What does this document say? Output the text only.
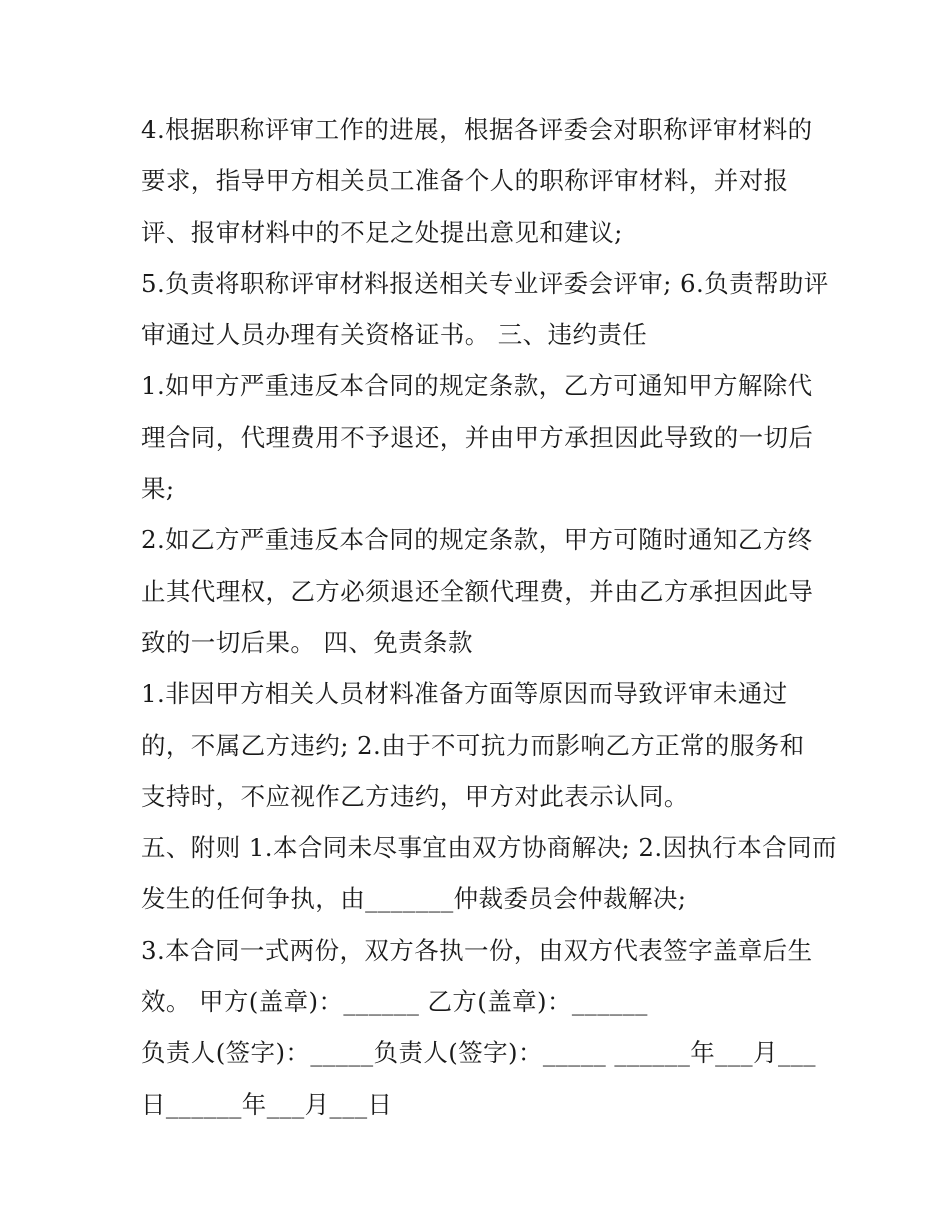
4.根据职称评审工作的进展，根据各评委会对职称评审材料的
要求，指导甲方相关员工准备个人的职称评审材料，并对报
评、报审材料中的不足之处提出意见和建议;
5.负责将职称评审材料报送相关专业评委会评审; 6.负责帮助评
审通过人员办理有关资格证书。 三、违约责任
1.如甲方严重违反本合同的规定条款，乙方可通知甲方解除代
理合同，代理费用不予退还，并由甲方承担因此导致的一切后
果;
2.如乙方严重违反本合同的规定条款，甲方可随时通知乙方终
止其代理权，乙方必须退还全额代理费，并由乙方承担因此导
致的一切后果。 四、免责条款
1.非因甲方相关人员材料准备方面等原因而导致评审未通过
的，不属乙方违约; 2.由于不可抗力而影响乙方正常的服务和
支持时，不应视作乙方违约，甲方对此表示认同。
五、附则 1.本合同未尽事宜由双方协商解决; 2.因执行本合同而
发生的任何争执，由_______仲裁委员会仲裁解决;
3.本合同一式两份，双方各执一份，由双方代表签字盖章后生
效。 甲方(盖章)：______ 乙方(盖章)：______
负责人(签字)：_____负责人(签字)：_____ ______年___月___
日______年___月___日
